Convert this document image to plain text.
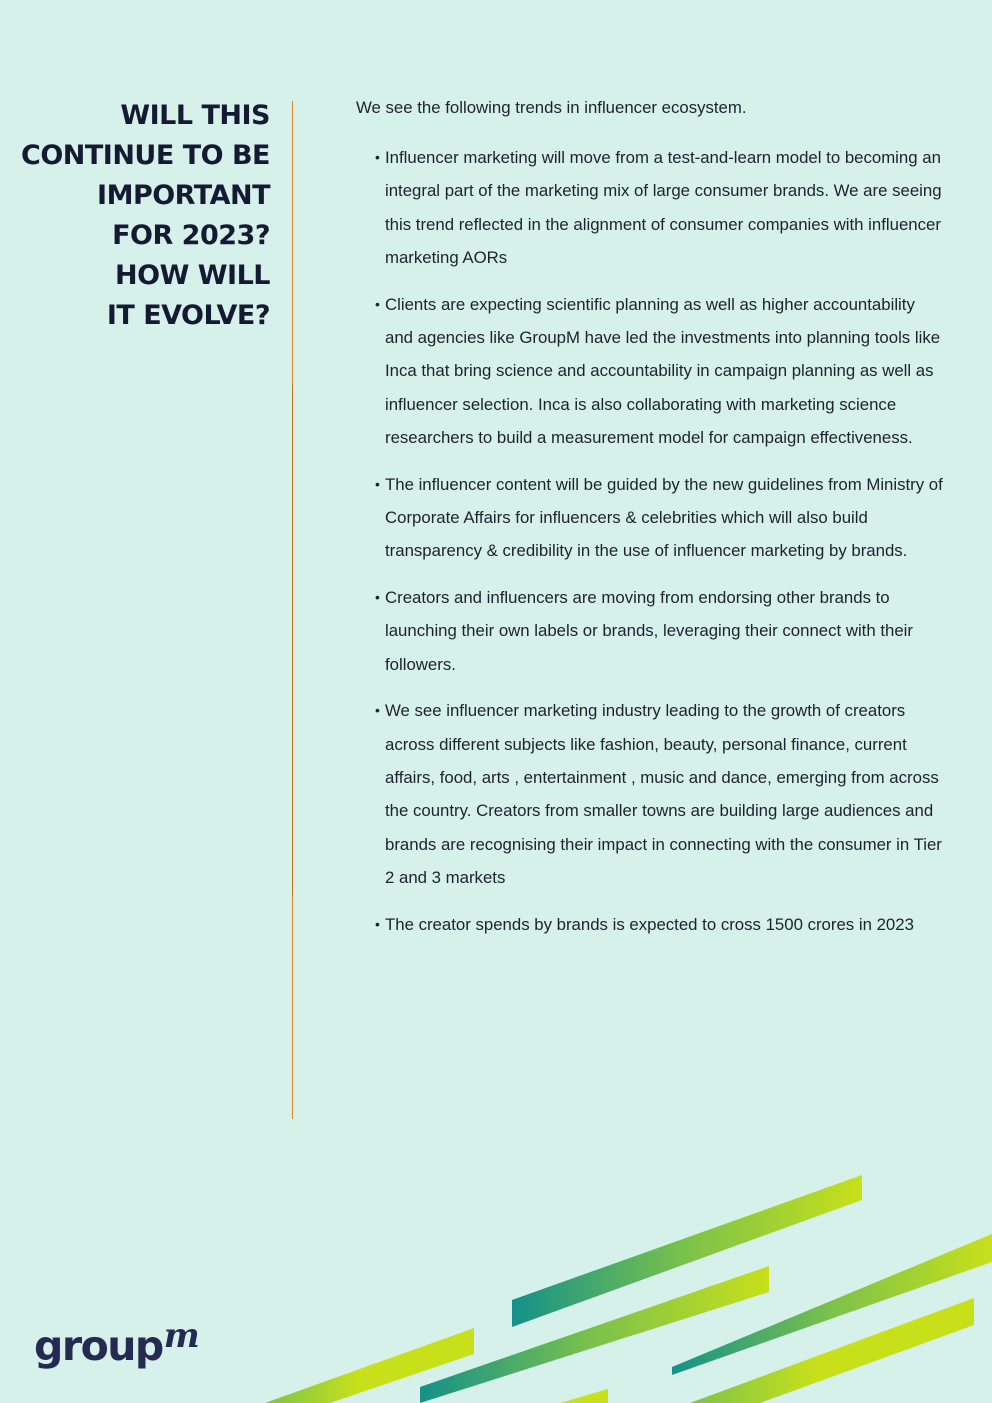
WILL THIS
CONTINUE TO BE
IMPORTANT
FOR 2023?
HOW WILL
IT EVOLVE?

We see the following trends in influencer ecosystem.

• Influencer marketing will move from a test-and-learn model to becoming an integral part of the marketing mix of large consumer brands. We are seeing this trend reflected in the alignment of consumer companies with influencer marketing AORs
• Clients are expecting scientific planning as well as higher accountability and agencies like GroupM have led the investments into planning tools like Inca that bring science and accountability in campaign planning as well as influencer selection. Inca is also collaborating with marketing science researchers to build a measurement model for campaign effectiveness.
• The influencer content will be guided by the new guidelines from Ministry of Corporate Affairs for influencers & celebrities which will also build transparency & credibility in the use of influencer marketing by brands.
• Creators and influencers are moving from endorsing other brands to launching their own labels or brands, leveraging their connect with their followers.
• We see influencer marketing industry leading to the growth of creators across different subjects like fashion, beauty, personal finance, current affairs, food, arts , entertainment , music and dance, emerging from across the country. Creators from smaller towns are building large audiences and brands are recognising their impact in connecting with the consumer in Tier 2 and 3 markets
• The creator spends by brands is expected to cross 1500 crores in 2023
group$^m$
